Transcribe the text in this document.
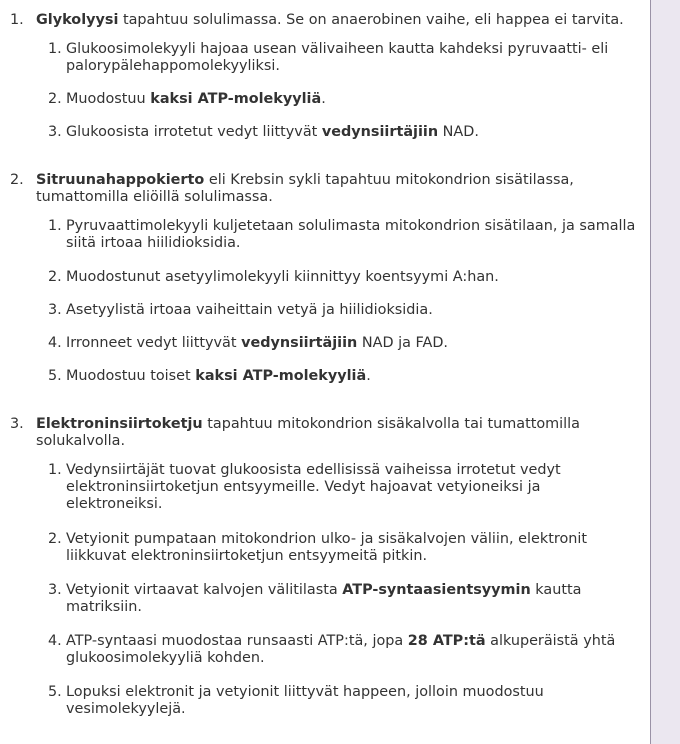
1. Glykolyysi tapahtuu solulimassa. Se on anaerobinen vaihe, eli happea ei tarvita.
1. Glukoosimolekyyli hajoaa usean välivaiheen kautta kahdeksi pyruvaatti- eli palorypälehappomolekyyliksi.
2. Muodostuu kaksi ATP-molekyyliä.
3. Glukoosista irrotetut vedyt liittyvät vedynsiirtäjiin NAD.
2. Sitruunahappokierto eli Krebsin sykli tapahtuu mitokondrion sisätilassa, tumattomilla eliöillä solulimassa.
1. Pyruvaattimolekyyli kuljetetaan solulimasta mitokondrion sisätilaan, ja samalla siitä irtoaa hiilidioksidia.
2. Muodostunut asetyylimolekyyli kiinnittyy koentsyymi A:han.
3. Asetyylistä irtoaa vaiheittain vetyä ja hiilidioksidia.
4. Irronneet vedyt liittyvät vedynsiirtäjiin NAD ja FAD.
5. Muodostuu toiset kaksi ATP-molekyyliä.
3. Elektroninsiirtoketju tapahtuu mitokondrion sisäkalvolla tai tumattomilla solukalvolla.
1. Vedynsiirtäjät tuovat glukoosista edellisissä vaiheissa irrotetut vedyt elektroninsiirtoketjun entsyymeille. Vedyt hajoavat vetyioneiksi ja elektroneiksi.
2. Vetyionit pumpataan mitokondrion ulko- ja sisäkalvojen väliin, elektronit liikkuvat elektroninsiirtoketjun entsyymeitä pitkin.
3. Vetyionit virtaavat kalvojen välitilasta ATP-syntaasientsyymin kautta matriksiin.
4. ATP-syntaasi muodostaa runsaasti ATP:tä, jopa 28 ATP:tä alkuperäistä yhtä glukoosimolekyyliä kohden.
5. Lopuksi elektronit ja vetyionit liittyvät happeen, jolloin muodostuu vesimolekyylejä.
